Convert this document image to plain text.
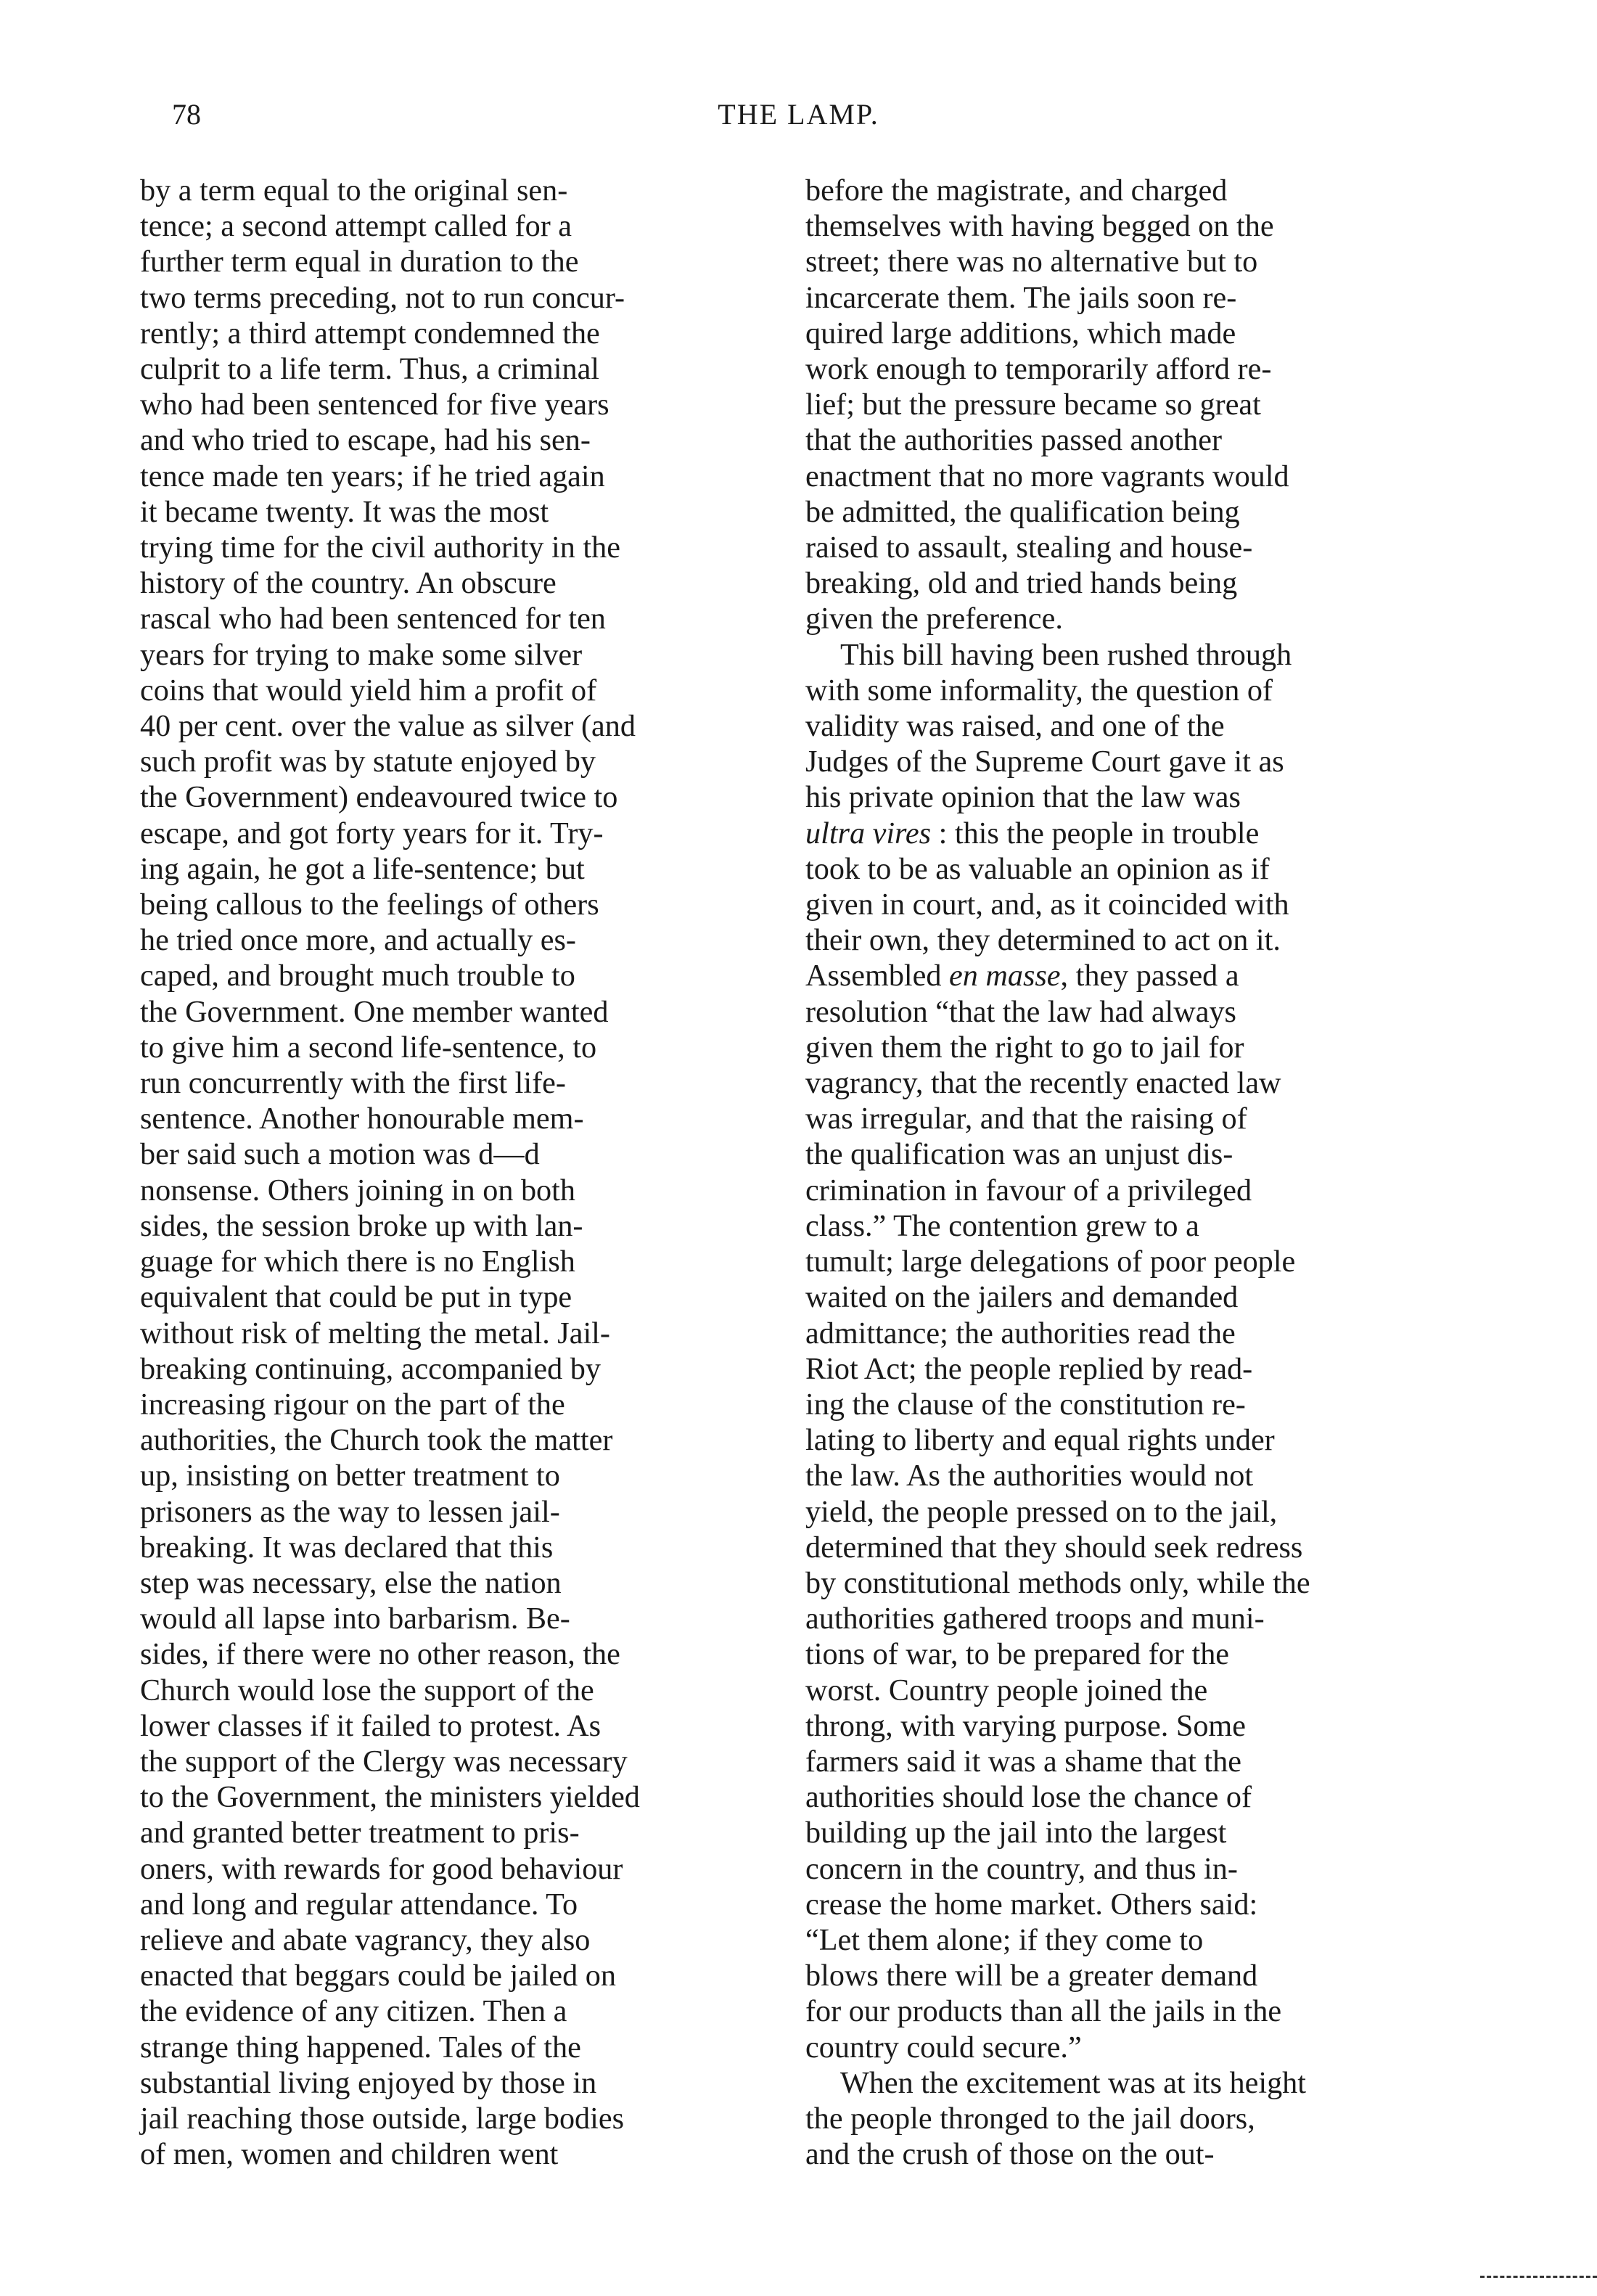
78	THE LAMP.

by a term equal to the original sen-
tence; a second attempt called for a
further term equal in duration to the
two terms preceding, not to run concur-
rently; a third attempt condemned the
culprit to a life term. Thus, a criminal
who had been sentenced for five years
and who tried to escape, had his sen-
tence made ten years; if he tried again
it became twenty. It was the most
trying time for the civil authority in the
history of the country. An obscure
rascal who had been sentenced for ten
years for trying to make some silver
coins that would yield him a profit of
40 per cent. over the value as silver (and
such profit was by statute enjoyed by
the Government) endeavoured twice to
escape, and got forty years for it. Try-
ing again, he got a life-sentence; but
being callous to the feelings of others
he tried once more, and actually es-
caped, and brought much trouble to
the Government. One member wanted
to give him a second life-sentence, to
run concurrently with the first life-
sentence. Another honourable mem-
ber said such a motion was d—d
nonsense. Others joining in on both
sides, the session broke up with lan-
guage for which there is no English
equivalent that could be put in type
without risk of melting the metal. Jail-
breaking continuing, accompanied by
increasing rigour on the part of the
authorities, the Church took the matter
up, insisting on better treatment to
prisoners as the way to lessen jail-
breaking. It was declared that this
step was necessary, else the nation
would all lapse into barbarism. Be-
sides, if there were no other reason, the
Church would lose the support of the
lower classes if it failed to protest. As
the support of the Clergy was necessary
to the Government, the ministers yielded
and granted better treatment to pris-
oners, with rewards for good behaviour
and long and regular attendance. To
relieve and abate vagrancy, they also
enacted that beggars could be jailed on
the evidence of any citizen. Then a
strange thing happened. Tales of the
substantial living enjoyed by those in
jail reaching those outside, large bodies
of men, women and children went

before the magistrate, and charged
themselves with having begged on the
street; there was no alternative but to
incarcerate them. The jails soon re-
quired large additions, which made
work enough to temporarily afford re-
lief; but the pressure became so great
that the authorities passed another
enactment that no more vagrants would
be admitted, the qualification being
raised to assault, stealing and house-
breaking, old and tried hands being
given the preference.

This bill having been rushed through
with some informality, the question of
validity was raised, and one of the
Judges of the Supreme Court gave it as
his private opinion that the law was
ultra vires : this the people in trouble
took to be as valuable an opinion as if
given in court, and, as it coincided with
their own, they determined to act on it.
Assembled en masse, they passed a
resolution “that the law had always
given them the right to go to jail for
vagrancy, that the recently enacted law
was irregular, and that the raising of
the qualification was an unjust dis-
crimination in favour of a privileged
class.” The contention grew to a
tumult; large delegations of poor people
waited on the jailers and demanded
admittance; the authorities read the
Riot Act; the people replied by read-
ing the clause of the constitution re-
lating to liberty and equal rights under
the law. As the authorities would not
yield, the people pressed on to the jail,
determined that they should seek redress
by constitutional methods only, while the
authorities gathered troops and muni-
tions of war, to be prepared for the
worst. Country people joined the
throng, with varying purpose. Some
farmers said it was a shame that the
authorities should lose the chance of
building up the jail into the largest
concern in the country, and thus in-
crease the home market. Others said:
“Let them alone; if they come to
blows there will be a greater demand
for our products than all the jails in the
country could secure.”

When the excitement was at its height
the people thronged to the jail doors,
and the crush of those on the out-
